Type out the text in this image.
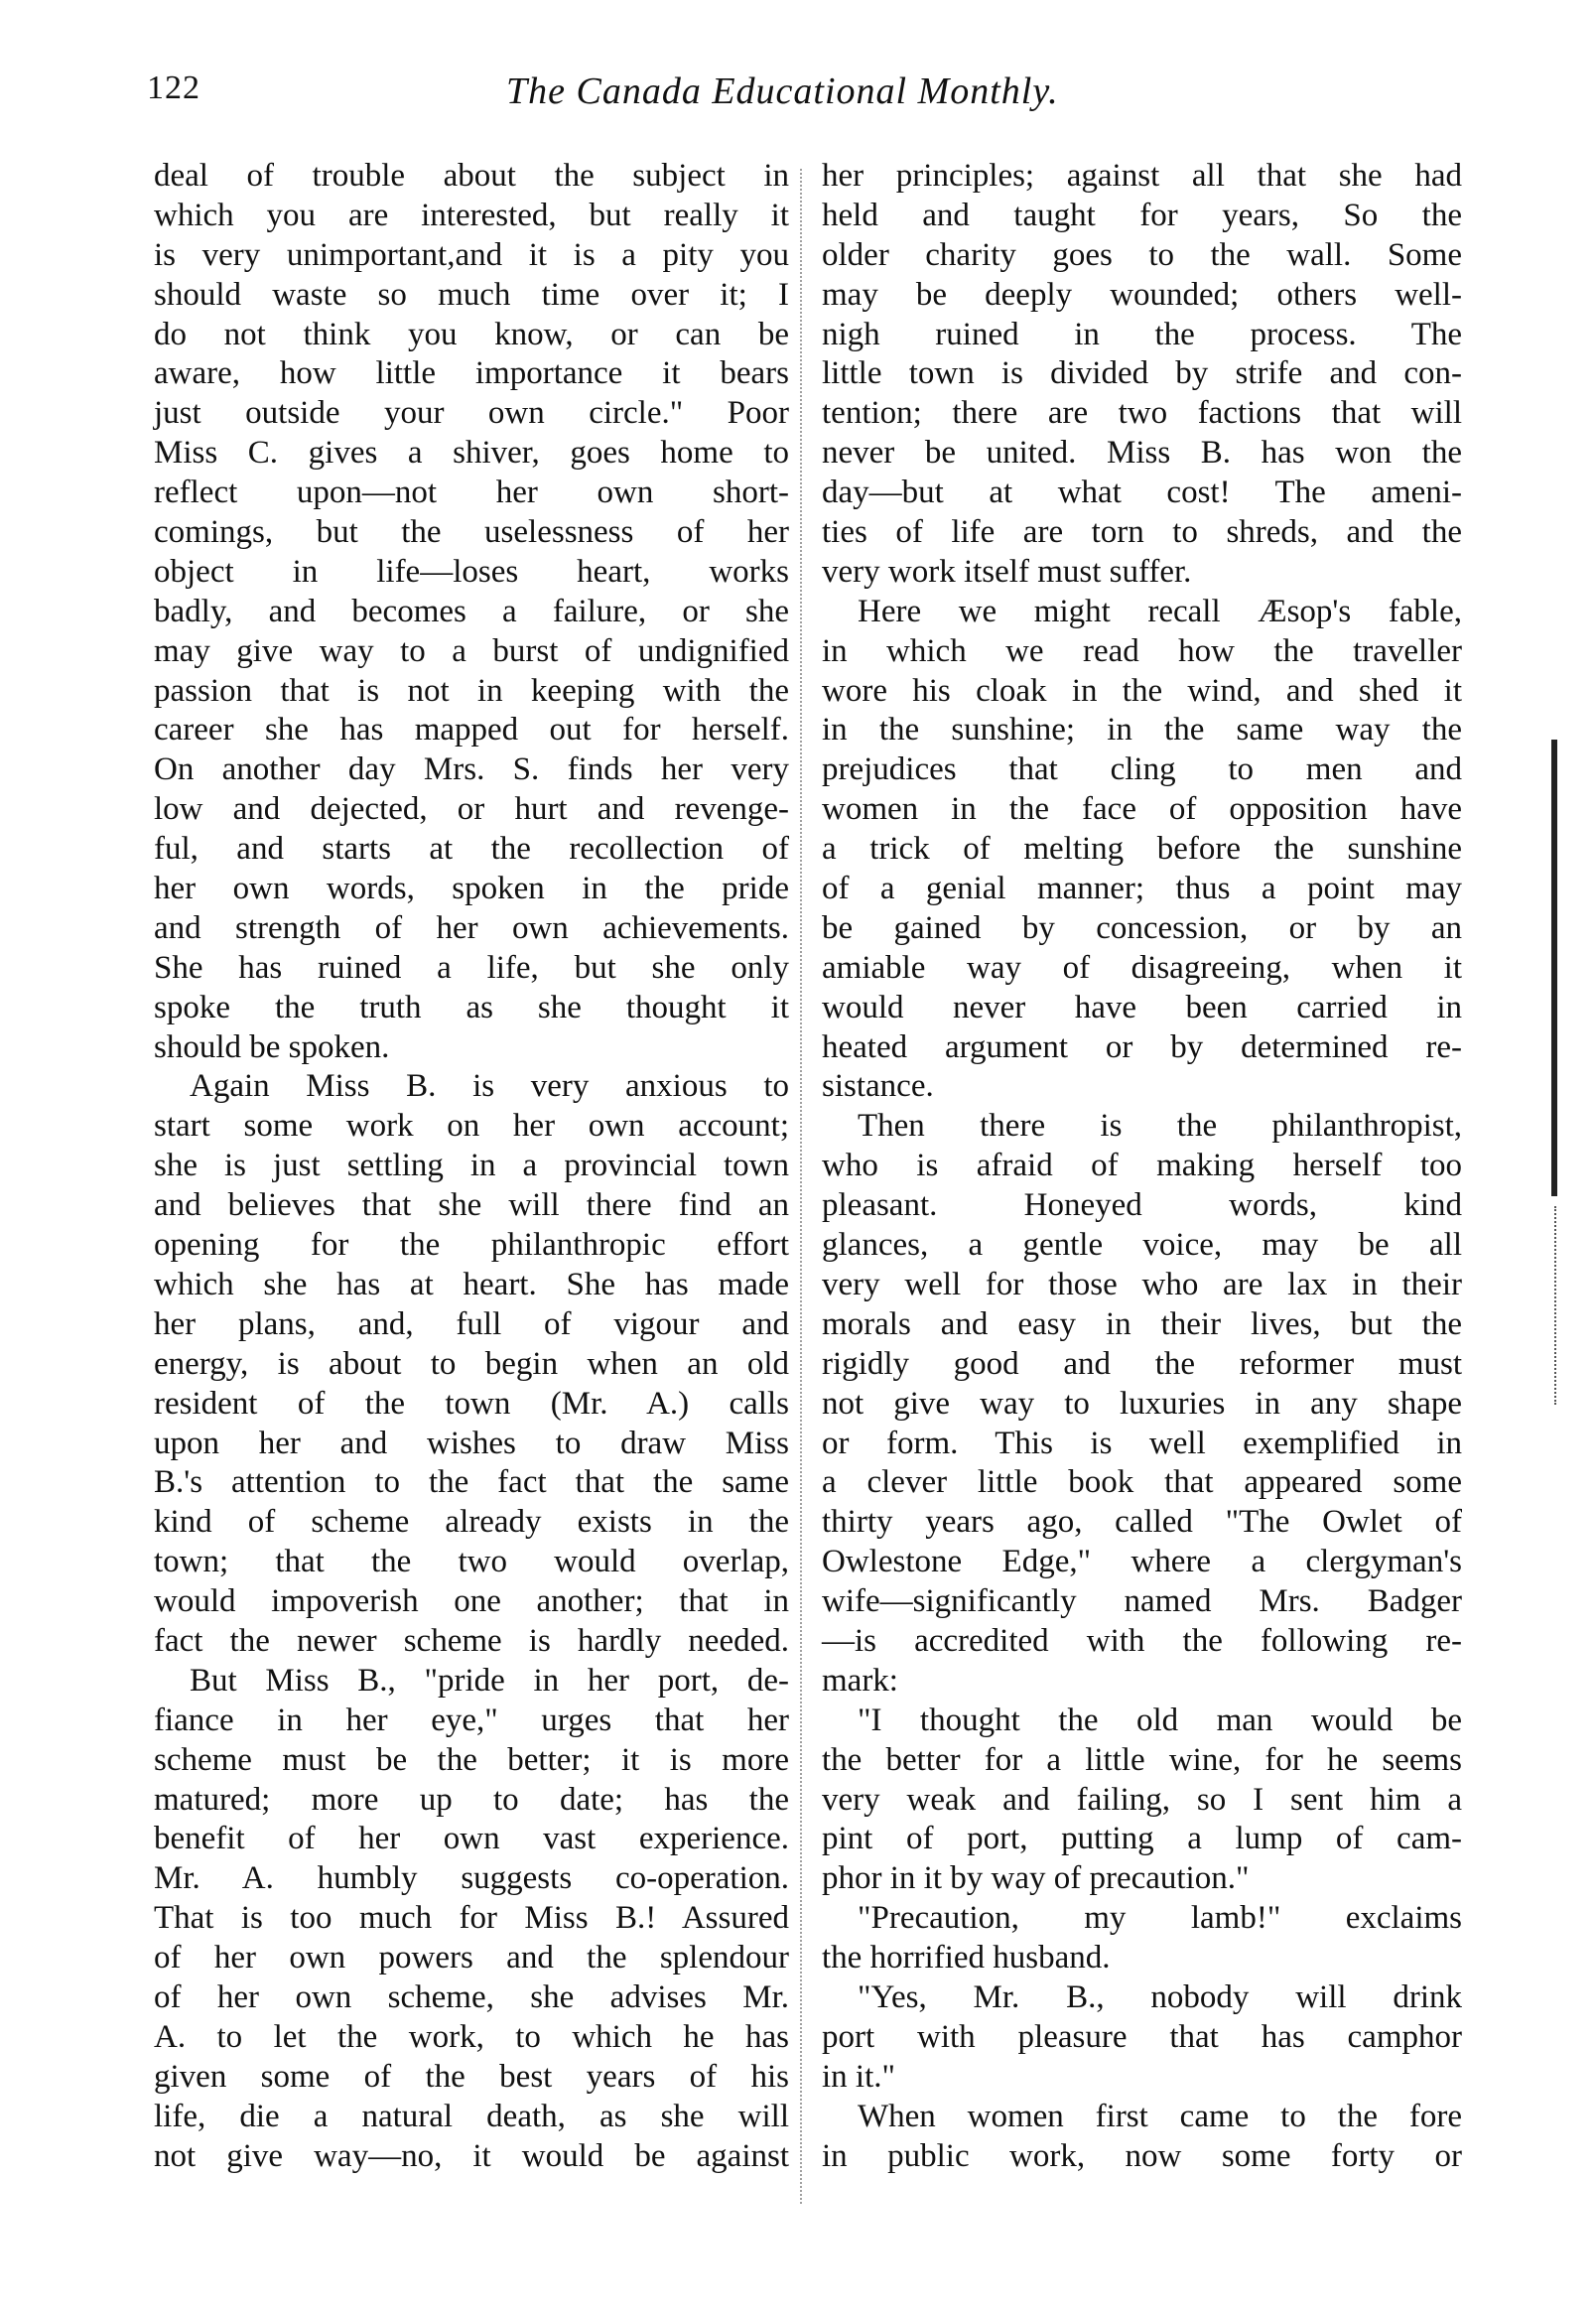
122	The Canada Educational Monthly.
deal of trouble about the subject in
which you are interested, but really it
is very unimportant,and it is a pity you
should waste so much time over it; I
do not think you know, or can be
aware, how little importance it bears
just outside your own circle." Poor
Miss C. gives a shiver, goes home to
reflect upon—not her own short-
comings, but the uselessness of her
object in life—loses heart, works
badly, and becomes a failure, or she
may give way to a burst of undignified
passion that is not in keeping with the
career she has mapped out for herself.
On another day Mrs. S. finds her very
low and dejected, or hurt and revenge-
ful, and starts at the recollection of
her own words, spoken in the pride
and strength of her own achievements.
She has ruined a life, but she only
spoke the truth as she thought it
should be spoken.
Again Miss B. is very anxious to
start some work on her own account;
she is just settling in a provincial town
and believes that she will there find an
opening for the philanthropic effort
which she has at heart. She has made
her plans, and, full of vigour and
energy, is about to begin when an old
resident of the town (Mr. A.) calls
upon her and wishes to draw Miss
B.'s attention to the fact that the same
kind of scheme already exists in the
town; that the two would overlap,
would impoverish one another; that in
fact the newer scheme is hardly needed.
But Miss B., "pride in her port, de-
fiance in her eye," urges that her
scheme must be the better; it is more
matured; more up to date; has the
benefit of her own vast experience.
Mr. A. humbly suggests co-operation.
That is too much for Miss B.! Assured
of her own powers and the splendour
of her own scheme, she advises Mr.
A. to let the work, to which he has
given some of the best years of his
life, die a natural death, as she will
not give way—no, it would be against
her principles; against all that she had
held and taught for years, So the
older charity goes to the wall. Some
may be deeply wounded; others well-
nigh ruined in the process. The
little town is divided by strife and con-
tention; there are two factions that will
never be united. Miss B. has won the
day—but at what cost! The ameni-
ties of life are torn to shreds, and the
very work itself must suffer.
Here we might recall Æsop's fable,
in which we read how the traveller
wore his cloak in the wind, and shed it
in the sunshine; in the same way the
prejudices that cling to men and
women in the face of opposition have
a trick of melting before the sunshine
of a genial manner; thus a point may
be gained by concession, or by an
amiable way of disagreeing, when it
would never have been carried in
heated argument or by determined re-
sistance.
Then there is the philanthropist,
who is afraid of making herself too
pleasant. Honeyed words, kind
glances, a gentle voice, may be all
very well for those who are lax in their
morals and easy in their lives, but the
rigidly good and the reformer must
not give way to luxuries in any shape
or form. This is well exemplified in
a clever little book that appeared some
thirty years ago, called "The Owlet of
Owlestone Edge," where a clergyman's
wife—significantly named Mrs. Badger
—is accredited with the following re-
mark:
"I thought the old man would be
the better for a little wine, for he seems
very weak and failing, so I sent him a
pint of port, putting a lump of cam-
phor in it by way of precaution."
"Precaution, my lamb!" exclaims
the horrified husband.
"Yes, Mr. B., nobody will drink
port with pleasure that has camphor
in it."
When women first came to the fore
in public work, now some forty or
